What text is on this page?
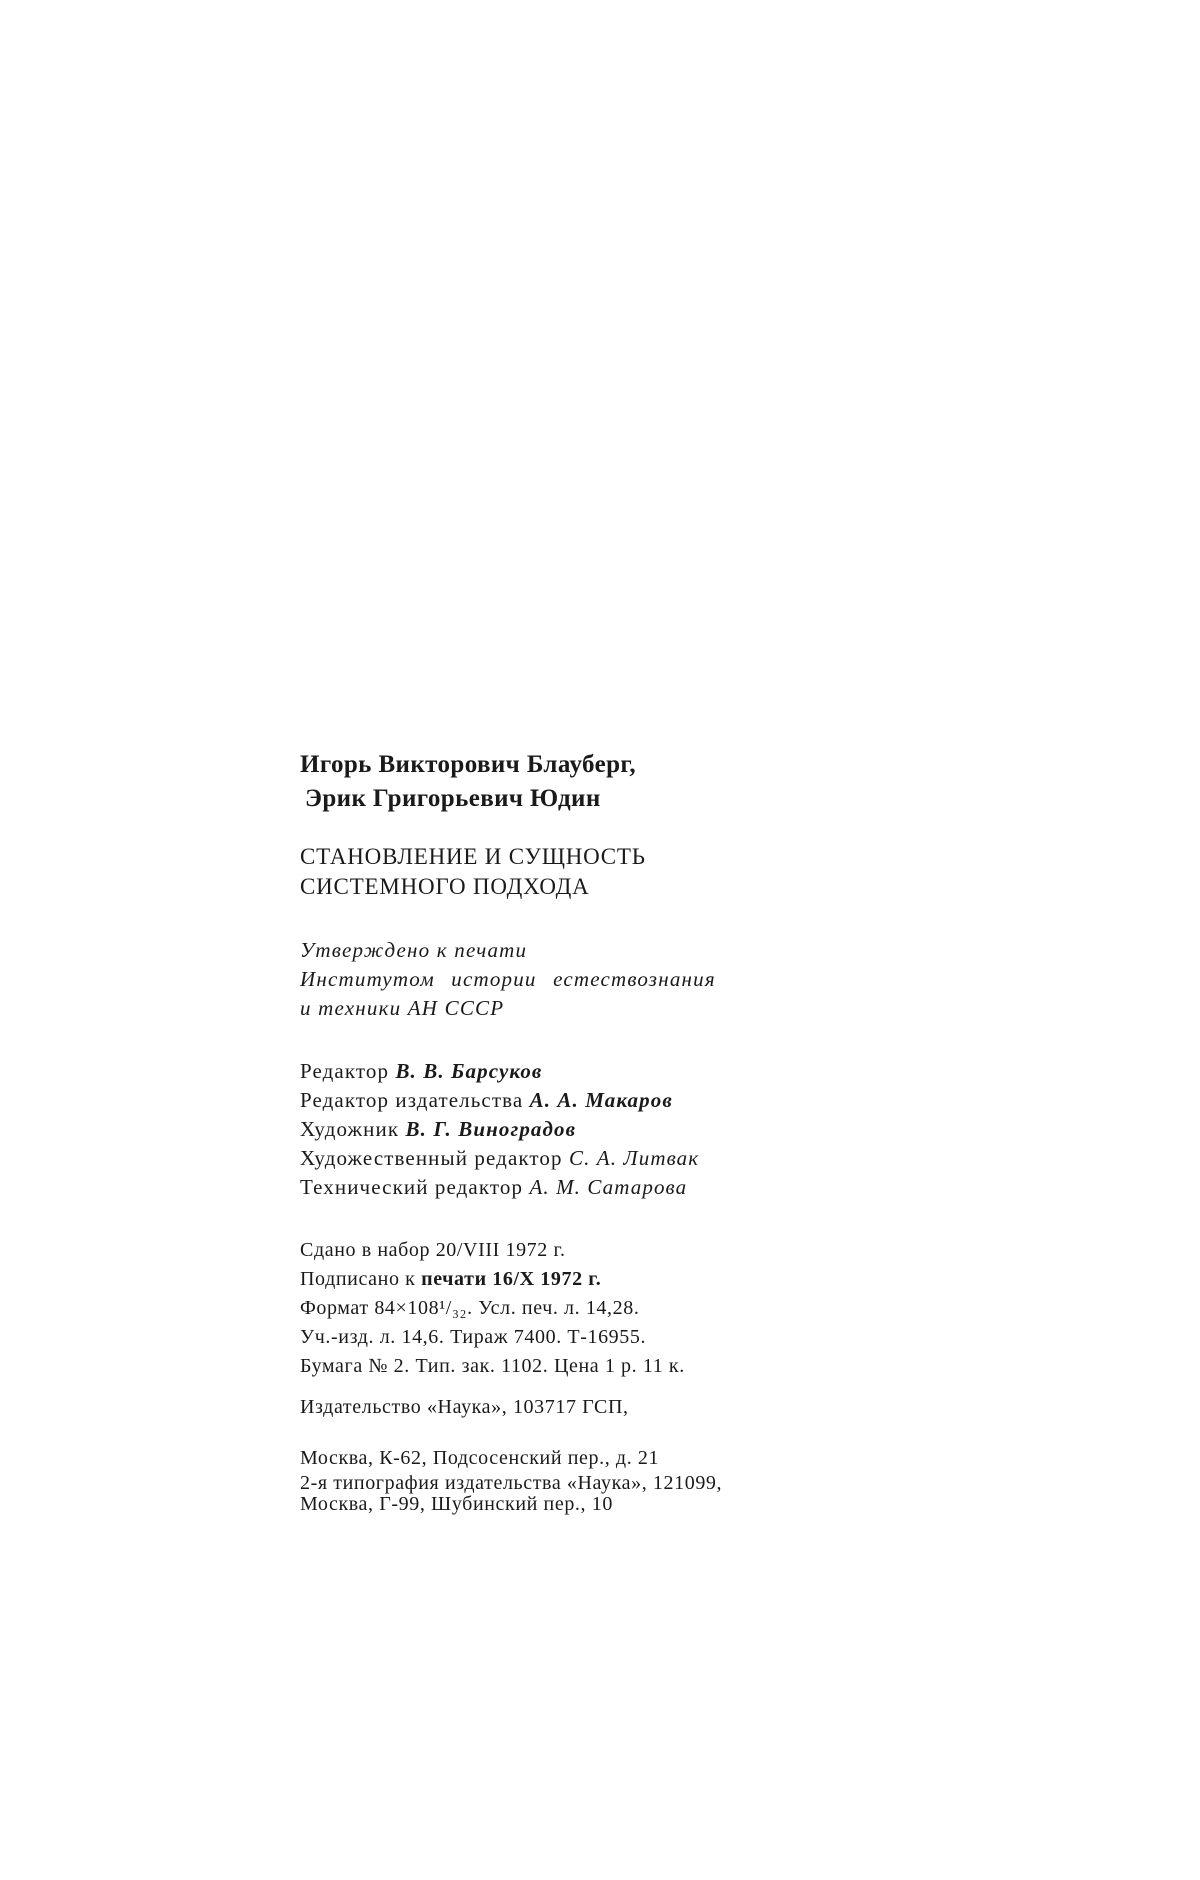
Игорь Викторович Блауберг,
Эрик Григорьевич Юдин
СТАНОВЛЕНИЕ И СУЩНОСТЬ
СИСТЕМНОГО ПОДХОДА
Утверждено к печати
Институтом истории естествознания
и техники АН СССР
Редактор В. В. Барсуков
Редактор издательства А. А. Макаров
Художник В. Г. Виноградов
Художественный редактор С. А. Литвак
Технический редактор А. М. Сатарова
Сдано в набор 20/VIII 1972 г.
Подписано к печати 16/X 1972 г.
Формат 84×108¹/₃₂. Усл. печ. л. 14,28.
Уч.-изд. л. 14,6. Тираж 7400. Т-16955.
Бумага № 2. Тип. зак. 1102. Цена 1 р. 11 к.
Издательство «Наука», 103717 ГСП,
Москва, К-62, Подсосенский пер., д. 21
2-я типография издательства «Наука», 121099,
Москва, Г-99, Шубинский пер., 10
